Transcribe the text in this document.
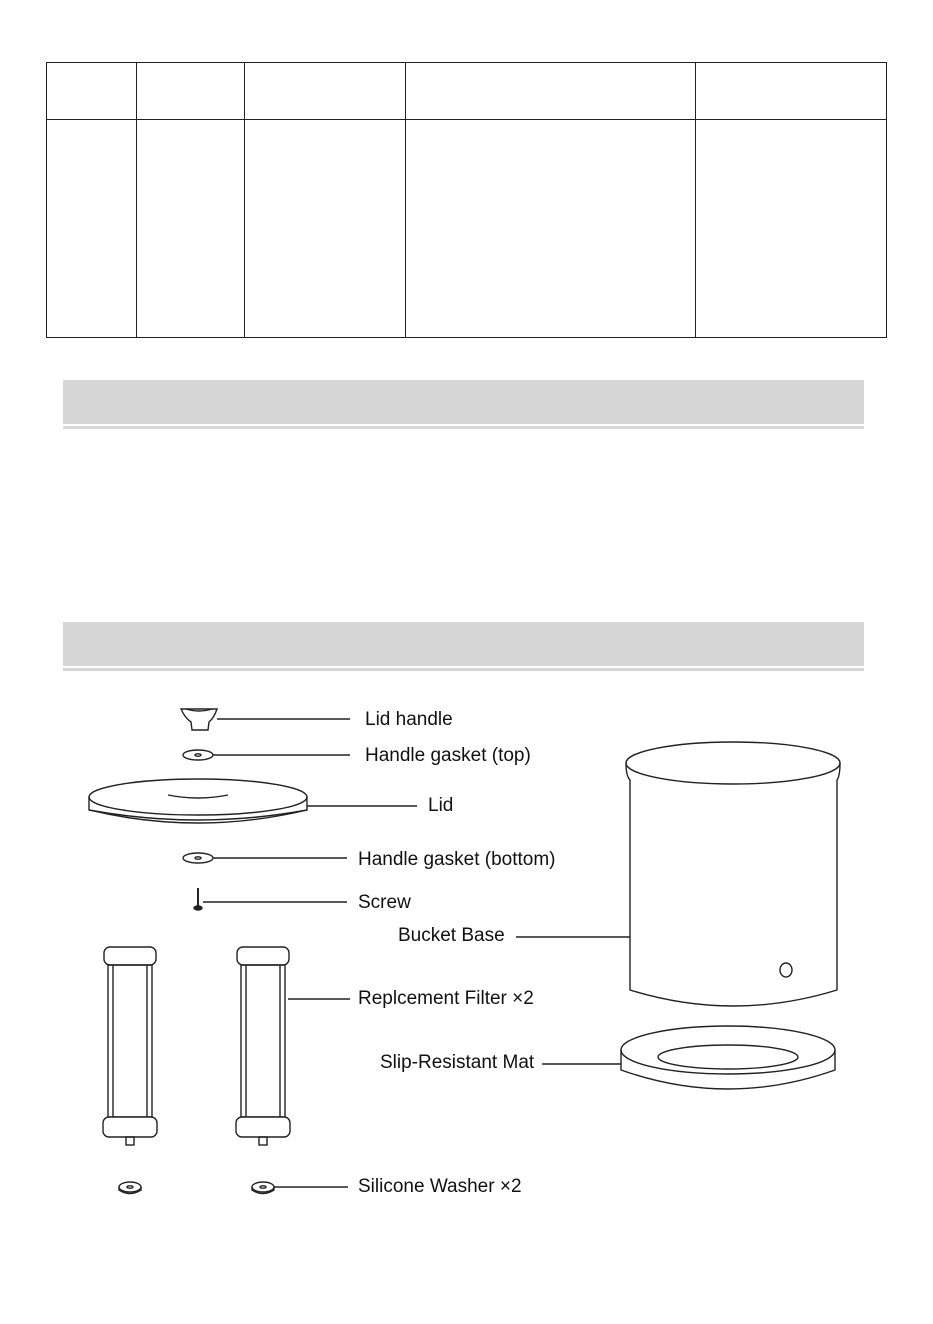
Lid handle
Handle gasket (top)
Lid
Handle gasket (bottom)
Screw
Bucket Base
Replcement Filter ×2
Slip-Resistant Mat
Silicone Washer ×2
